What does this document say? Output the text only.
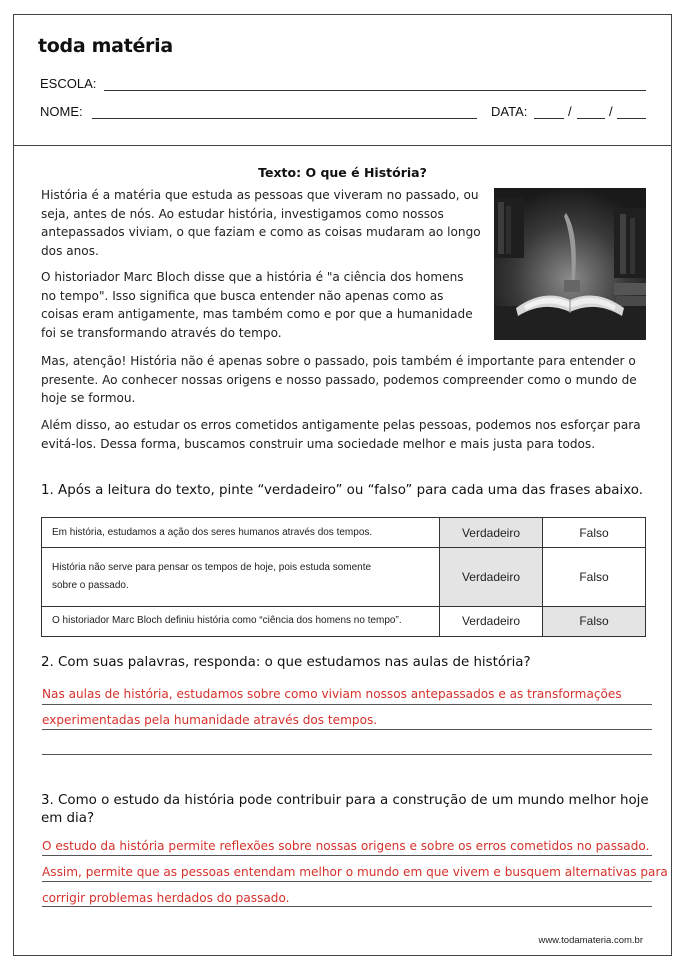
toda matéria
ESCOLA:
NOME:	DATA:	/	/
Texto: O que é História?
História é a matéria que estuda as pessoas que viveram no passado, ou
seja, antes de nós. Ao estudar história, investigamos como nossos
antepassados viviam, o que faziam e como as coisas mudaram ao longo
dos anos.
O historiador Marc Bloch disse que a história é "a ciência dos homens
no tempo". Isso significa que busca entender não apenas como as
coisas eram antigamente, mas também como e por que a humanidade
foi se transformando através do tempo.
Mas, atenção! História não é apenas sobre o passado, pois também é importante para entender o
presente. Ao conhecer nossas origens e nosso passado, podemos compreender como o mundo de
hoje se formou.
Além disso, ao estudar os erros cometidos antigamente pelas pessoas, podemos nos esforçar para
evitá-los. Dessa forma, buscamos construir uma sociedade melhor e mais justa para todos.

1. Após a leitura do texto, pinte “verdadeiro” ou “falso” para cada uma das frases abaixo.

Em história, estudamos a ação dos seres humanos através dos tempos.	Verdadeiro	Falso

História não serve para pensar os tempos de hoje, pois estuda somente
sobre o passado.	Verdadeiro	Falso
O historiador Marc Bloch definiu história como “ciência dos homens no tempo”.	Verdadeiro	Falso

2. Com suas palavras, responda: o que estudamos nas aulas de história?

Nas aulas de história, estudamos sobre como viviam nossos antepassados e as transformações

experimentadas pela humanidade através dos tempos.

3. Como o estudo da história pode contribuir para a construção de um mundo melhor hoje
em dia?

O estudo da história permite reflexões sobre nossas origens e sobre os erros cometidos no passado.

Assim, permite que as pessoas entendam melhor o mundo em que vivem e busquem alternativas para

corrigir problemas herdados do passado.

www.todamateria.com.br
